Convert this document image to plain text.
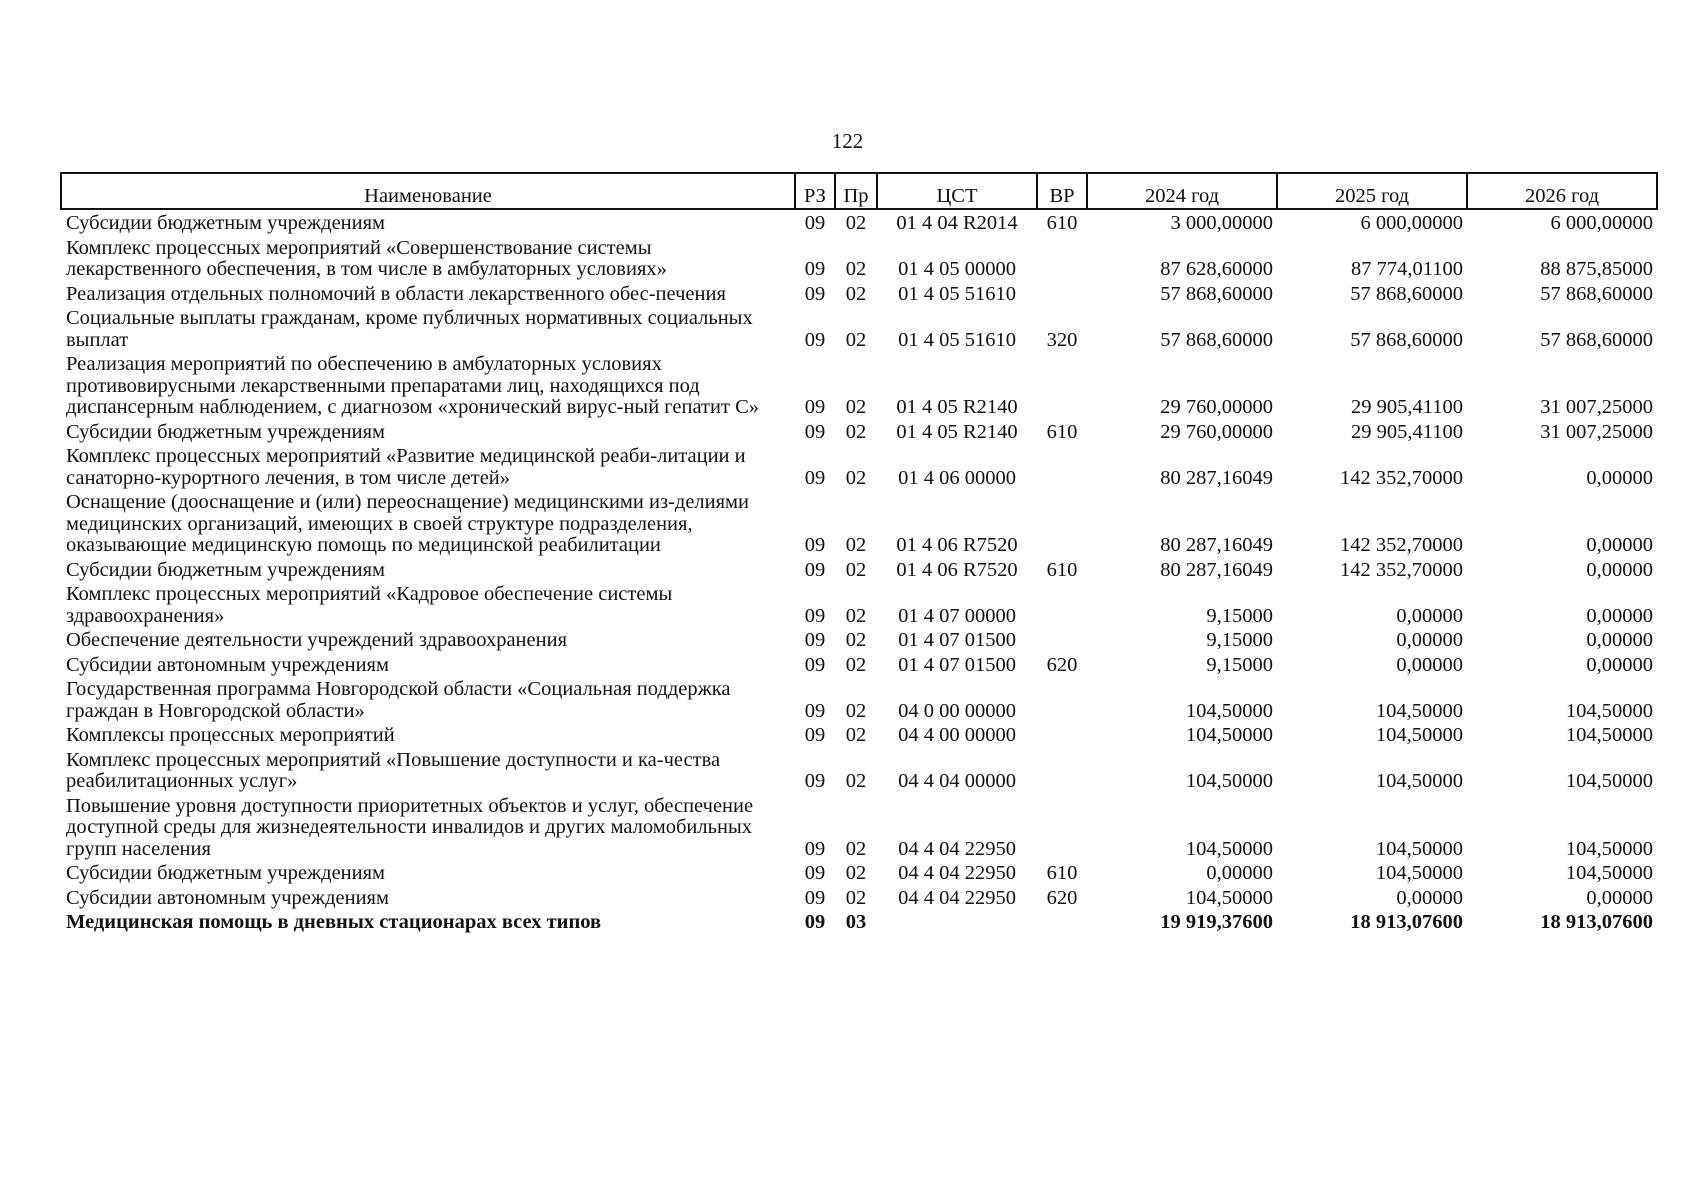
122
Наименование	РЗ	Пр	ЦСТ	ВР	2024 год	2025 год	2026 год
Субсидии бюджетным учреждениям	09	02	01 4 04 R2014	610	3 000,00000	6 000,00000	6 000,00000
Комплекс процессных мероприятий «Совершенствование системы лекарственного обеспечения, в том числе в амбулаторных условиях»	09	02	01 4 05 00000		87 628,60000	87 774,01100	88 875,85000
Реализация отдельных полномочий в области лекарственного обес-печения	09	02	01 4 05 51610		57 868,60000	57 868,60000	57 868,60000
Социальные выплаты гражданам, кроме публичных нормативных социальных выплат	09	02	01 4 05 51610	320	57 868,60000	57 868,60000	57 868,60000
Реализация мероприятий по обеспечению в амбулаторных условиях противовирусными лекарственными препаратами лиц, находящихся под диспансерным наблюдением, с диагнозом «хронический вирус-ный гепатит С»	09	02	01 4 05 R2140		29 760,00000	29 905,41100	31 007,25000
Субсидии бюджетным учреждениям	09	02	01 4 05 R2140	610	29 760,00000	29 905,41100	31 007,25000
Комплекс процессных мероприятий «Развитие медицинской реаби-литации и санаторно-курортного лечения, в том числе детей»	09	02	01 4 06 00000		80 287,16049	142 352,70000	0,00000
Оснащение (дооснащение и (или) переоснащение) медицинскими из-делиями медицинских организаций, имеющих в своей структуре подразделения, оказывающие медицинскую помощь по медицинской реабилитации	09	02	01 4 06 R7520		80 287,16049	142 352,70000	0,00000
Субсидии бюджетным учреждениям	09	02	01 4 06 R7520	610	80 287,16049	142 352,70000	0,00000
Комплекс процессных мероприятий «Кадровое обеспечение системы здравоохранения»	09	02	01 4 07 00000		9,15000	0,00000	0,00000
Обеспечение деятельности учреждений здравоохранения	09	02	01 4 07 01500		9,15000	0,00000	0,00000
Субсидии автономным учреждениям	09	02	01 4 07 01500	620	9,15000	0,00000	0,00000
Государственная программа Новгородской области «Социальная поддержка граждан в Новгородской области»	09	02	04 0 00 00000		104,50000	104,50000	104,50000
Комплексы процессных мероприятий	09	02	04 4 00 00000		104,50000	104,50000	104,50000
Комплекс процессных мероприятий «Повышение доступности и ка-чества реабилитационных услуг»	09	02	04 4 04 00000		104,50000	104,50000	104,50000
Повышение уровня доступности приоритетных объектов и услуг, обеспечение доступной среды для жизнедеятельности инвалидов и других маломобильных групп населения	09	02	04 4 04 22950		104,50000	104,50000	104,50000
Субсидии бюджетным учреждениям	09	02	04 4 04 22950	610	0,00000	104,50000	104,50000
Субсидии автономным учреждениям	09	02	04 4 04 22950	620	104,50000	0,00000	0,00000
Медицинская помощь в дневных стационарах всех типов	09	03			19 919,37600	18 913,07600	18 913,07600
